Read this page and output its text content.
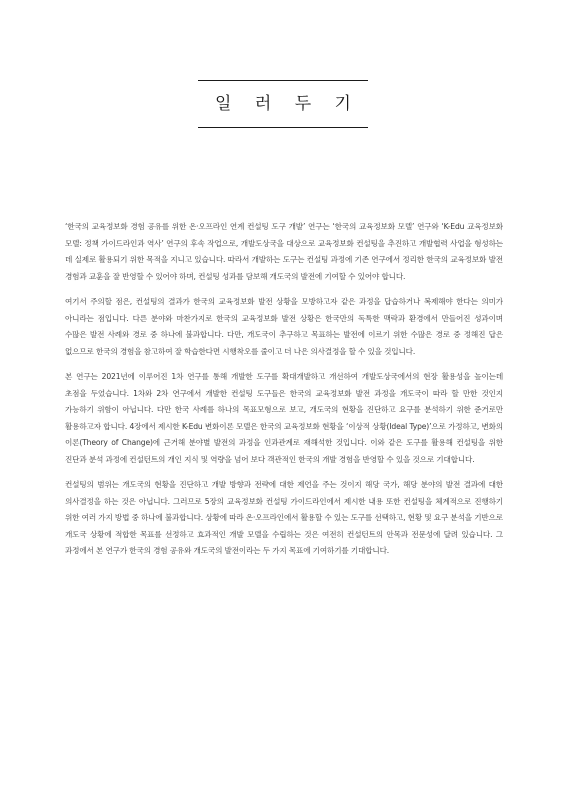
일 러 두 기

‘한국의 교육정보화 경험 공유를 위한 온·오프라인 연계 컨설팅 도구 개발’ 연구는 ‘한국의 교육정보화 모델’ 연구와 ‘K-Edu 교육정보화 모델: 정책 가이드라인과 역사’ 연구의 후속 작업으로, 개발도상국을 대상으로 교육정보화 컨설팅을 추진하고 개발협력 사업을 형성하는 데 실제로 활용되기 위한 목적을 지니고 있습니다. 따라서 개발하는 도구는 컨설팅 과정에 기존 연구에서 정리한 한국의 교육정보화 발전 경험과 교훈을 잘 반영할 수 있어야 하며, 컨설팅 성과를 담보해 개도국의 발전에 기여할 수 있어야 합니다.

여기서 주의할 점은, 컨설팅의 결과가 한국의 교육정보화 발전 상황을 모방하고자 같은 과정을 답습하거나 복제해야 한다는 의미가 아니라는 점입니다. 다른 분야와 마찬가지로 한국의 교육정보화 발전 상황은 한국만의 독특한 맥락과 환경에서 만들어진 성과이며 수많은 발전 사례와 경로 중 하나에 불과합니다. 다만, 개도국이 추구하고 목표하는 발전에 이르기 위한 수많은 경로 중 정해진 답은 없으므로 한국의 경험을 참고하여 잘 학습한다면 시행착오를 줄이고 더 나은 의사결정을 할 수 있을 것입니다.

본 연구는 2021년에 이루어진 1차 연구를 통해 개발한 도구를 확대개발하고 개선하여 개발도상국에서의 현장 활용성을 높이는데 초점을 두었습니다. 1차와 2차 연구에서 개발한 컨설팅 도구들은 한국의 교육정보화 발전 과정을 개도국이 따라 할 만한 것인지 가능하기 위함이 아닙니다. 다만 한국 사례를 하나의 목표모형으로 보고, 개도국의 현황을 진단하고 요구를 분석하기 위한 준거로만 활용하고자 합니다. 4장에서 제시한 K-Edu 변화이론 모델은 한국의 교육정보화 현황을 ‘이상적 상황(Ideal Type)’으로 가정하고, 변화의 이론(Theory of Change)에 근거해 분야별 발전의 과정을 인과관계로 재해석한 것입니다. 이와 같은 도구를 활용해 컨설팅을 위한 진단과 분석 과정에 컨설턴트의 개인 지식 및 역량을 넘어 보다 객관적인 한국의 개발 경험을 반영할 수 있을 것으로 기대합니다.

컨설팅의 범위는 개도국의 현황을 진단하고 개발 방향과 전략에 대한 제언을 주는 것이지 해당 국가, 해당 분야의 발전 결과에 대한 의사결정을 하는 것은 아닙니다. 그러므로 5장의 교육정보화 컨설팅 가이드라인에서 제시한 내용 또한 컨설팅을 체계적으로 진행하기 위한 여러 가지 방법 중 하나에 불과합니다. 상황에 따라 온·오프라인에서 활용할 수 있는 도구를 선택하고, 현황 및 요구 분석을 기반으로 개도국 상황에 적합한 목표를 선정하고 효과적인 개발 모델을 수립하는 것은 여전히 컨설턴트의 안목과 전문성에 달려 있습니다. 그 과정에서 본 연구가 한국의 경험 공유와 개도국의 발전이라는 두 가지 목표에 기여하기를 기대합니다.
